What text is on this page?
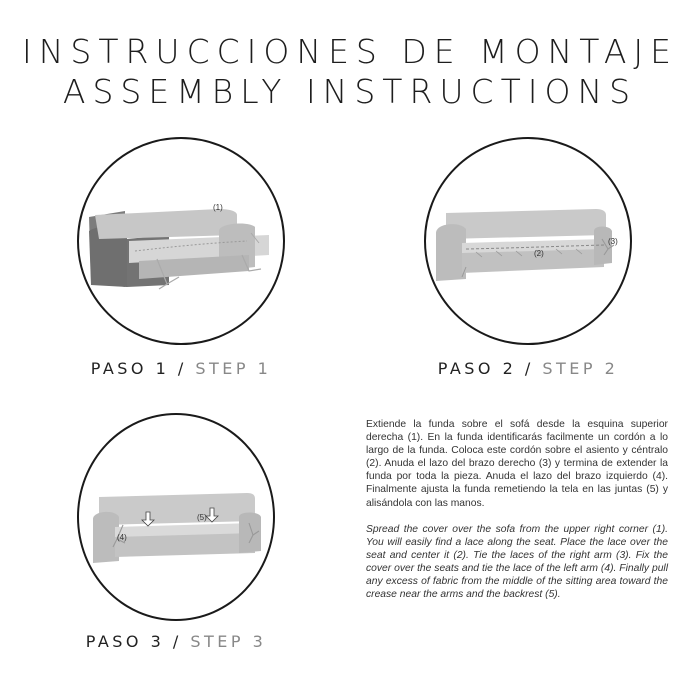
INSTRUCCIONES DE MONTAJE
ASSEMBLY INSTRUCTIONS
(1)
PASO 1 / STEP 1
(2)
(3)
PASO 2 / STEP 2
(4)
(5)
PASO 3 / STEP 3

Extiende la funda sobre el sofá desde la esquina superior derecha (1). En la funda identificarás facilmente un cordón a lo largo de la funda. Coloca este cordón sobre el asiento y céntralo (2). Anuda el lazo del brazo derecho (3) y termina de extender la funda por toda la pieza. Anuda el lazo del brazo izquierdo (4). Finalmente ajusta la funda remetiendo la tela en las juntas (5) y alisándola con las manos.

Spread the cover over the sofa from the upper right corner (1). You will easily find a lace along the seat. Place the lace over the seat and center it (2). Tie the laces of the right arm (3). Fix the cover over the seats and tie the lace of the left arm (4). Finally pull any excess of fabric from the middle of the sitting area toward the crease near the arms and the backrest (5).
